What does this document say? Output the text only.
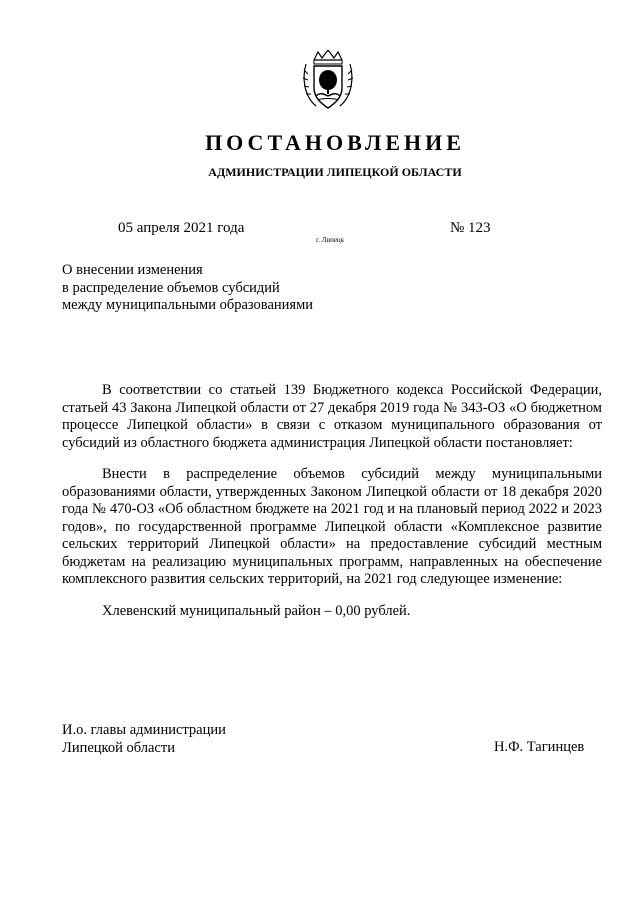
ПОСТАНОВЛЕНИЕ
АДМИНИСТРАЦИИ ЛИПЕЦКОЙ ОБЛАСТИ
05 апреля 2021 года
г. Липецк
№ 123
О внесении изменения
в распределение объемов субсидий
между муниципальными образованиями

В соответствии со статьей 139 Бюджетного кодекса Российской Федерации, статьей 43 Закона Липецкой области от 27 декабря 2019 года № 343-ОЗ «О бюджетном процессе Липецкой области» в связи с отказом муниципального образования от субсидий из областного бюджета администрация Липецкой области постановляет:

Внести в распределение объемов субсидий между муниципальными образованиями области, утвержденных Законом Липецкой области от 18 декабря 2020 года № 470-ОЗ «Об областном бюджете на 2021 год и на плановый период 2022 и 2023 годов», по государственной программе Липецкой области «Комплексное развитие сельских территорий Липецкой области» на предоставление субсидий местным бюджетам на реализацию муниципальных программ, направленных на обеспечение комплексного развития сельских территорий, на 2021 год следующее изменение:

Хлевенский муниципальный район – 0,00 рублей.

И.о. главы администрации
Липецкой области	Н.Ф. Тагинцев
